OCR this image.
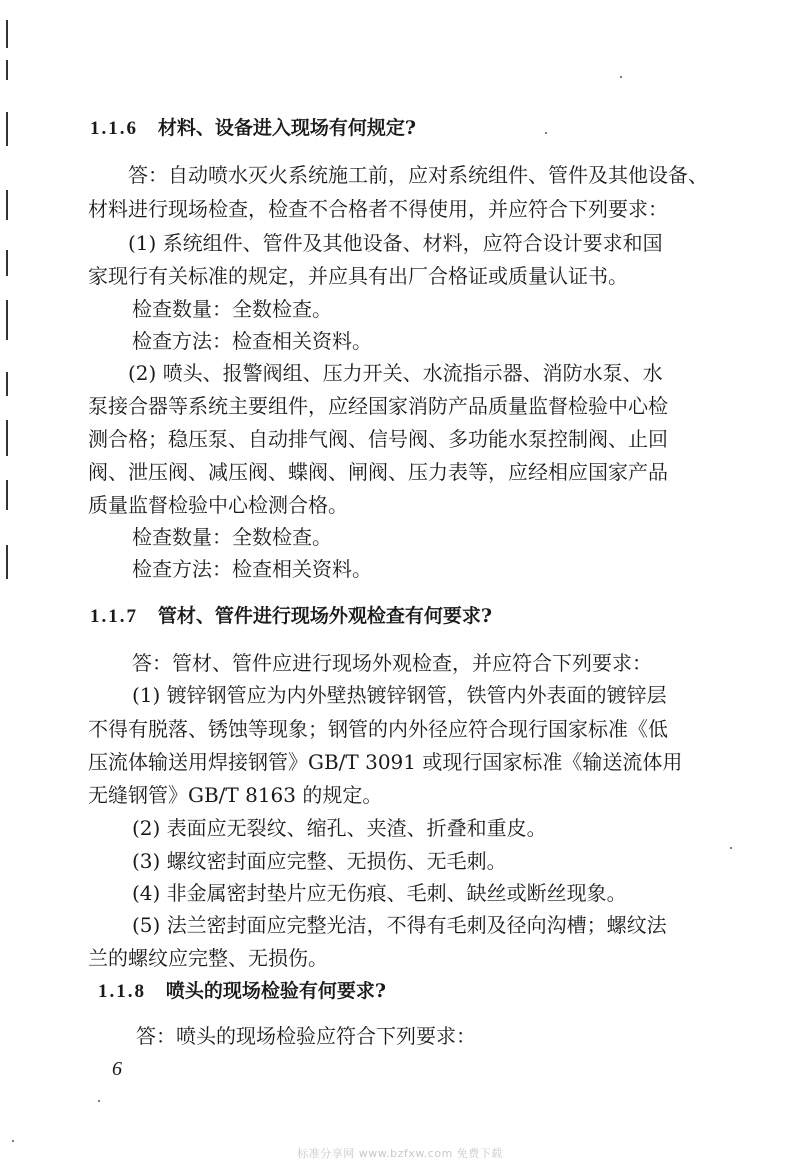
1.1.6 材料、设备进入现场有何规定?
答：自动喷水灭火系统施工前，应对系统组件、管件及其他设备、
材料进行现场检查，检查不合格者不得使用，并应符合下列要求：
(1) 系统组件、管件及其他设备、材料，应符合设计要求和国
家现行有关标准的规定，并应具有出厂合格证或质量认证书。
检查数量：全数检查。
检查方法：检查相关资料。
(2) 喷头、报警阀组、压力开关、水流指示器、消防水泵、水
泵接合器等系统主要组件，应经国家消防产品质量监督检验中心检
测合格；稳压泵、自动排气阀、信号阀、多功能水泵控制阀、止回
阀、泄压阀、减压阀、蝶阀、闸阀、压力表等，应经相应国家产品
质量监督检验中心检测合格。
检查数量：全数检查。
检查方法：检查相关资料。
1.1.7 管材、管件进行现场外观检查有何要求?
答：管材、管件应进行现场外观检查，并应符合下列要求：
(1) 镀锌钢管应为内外壁热镀锌钢管，铁管内外表面的镀锌层
不得有脱落、锈蚀等现象；钢管的内外径应符合现行国家标准《低
压流体输送用焊接钢管》GB/T 3091 或现行国家标准《输送流体用
无缝钢管》GB/T 8163 的规定。
(2) 表面应无裂纹、缩孔、夹渣、折叠和重皮。
(3) 螺纹密封面应完整、无损伤、无毛刺。
(4) 非金属密封垫片应无伤痕、毛刺、缺丝或断丝现象。
(5) 法兰密封面应完整光洁，不得有毛刺及径向沟槽；螺纹法
兰的螺纹应完整、无损伤。
1.1.8 喷头的现场检验有何要求?
答：喷头的现场检验应符合下列要求：
6
标准分享网 www.bzfxw.com 免费下载
